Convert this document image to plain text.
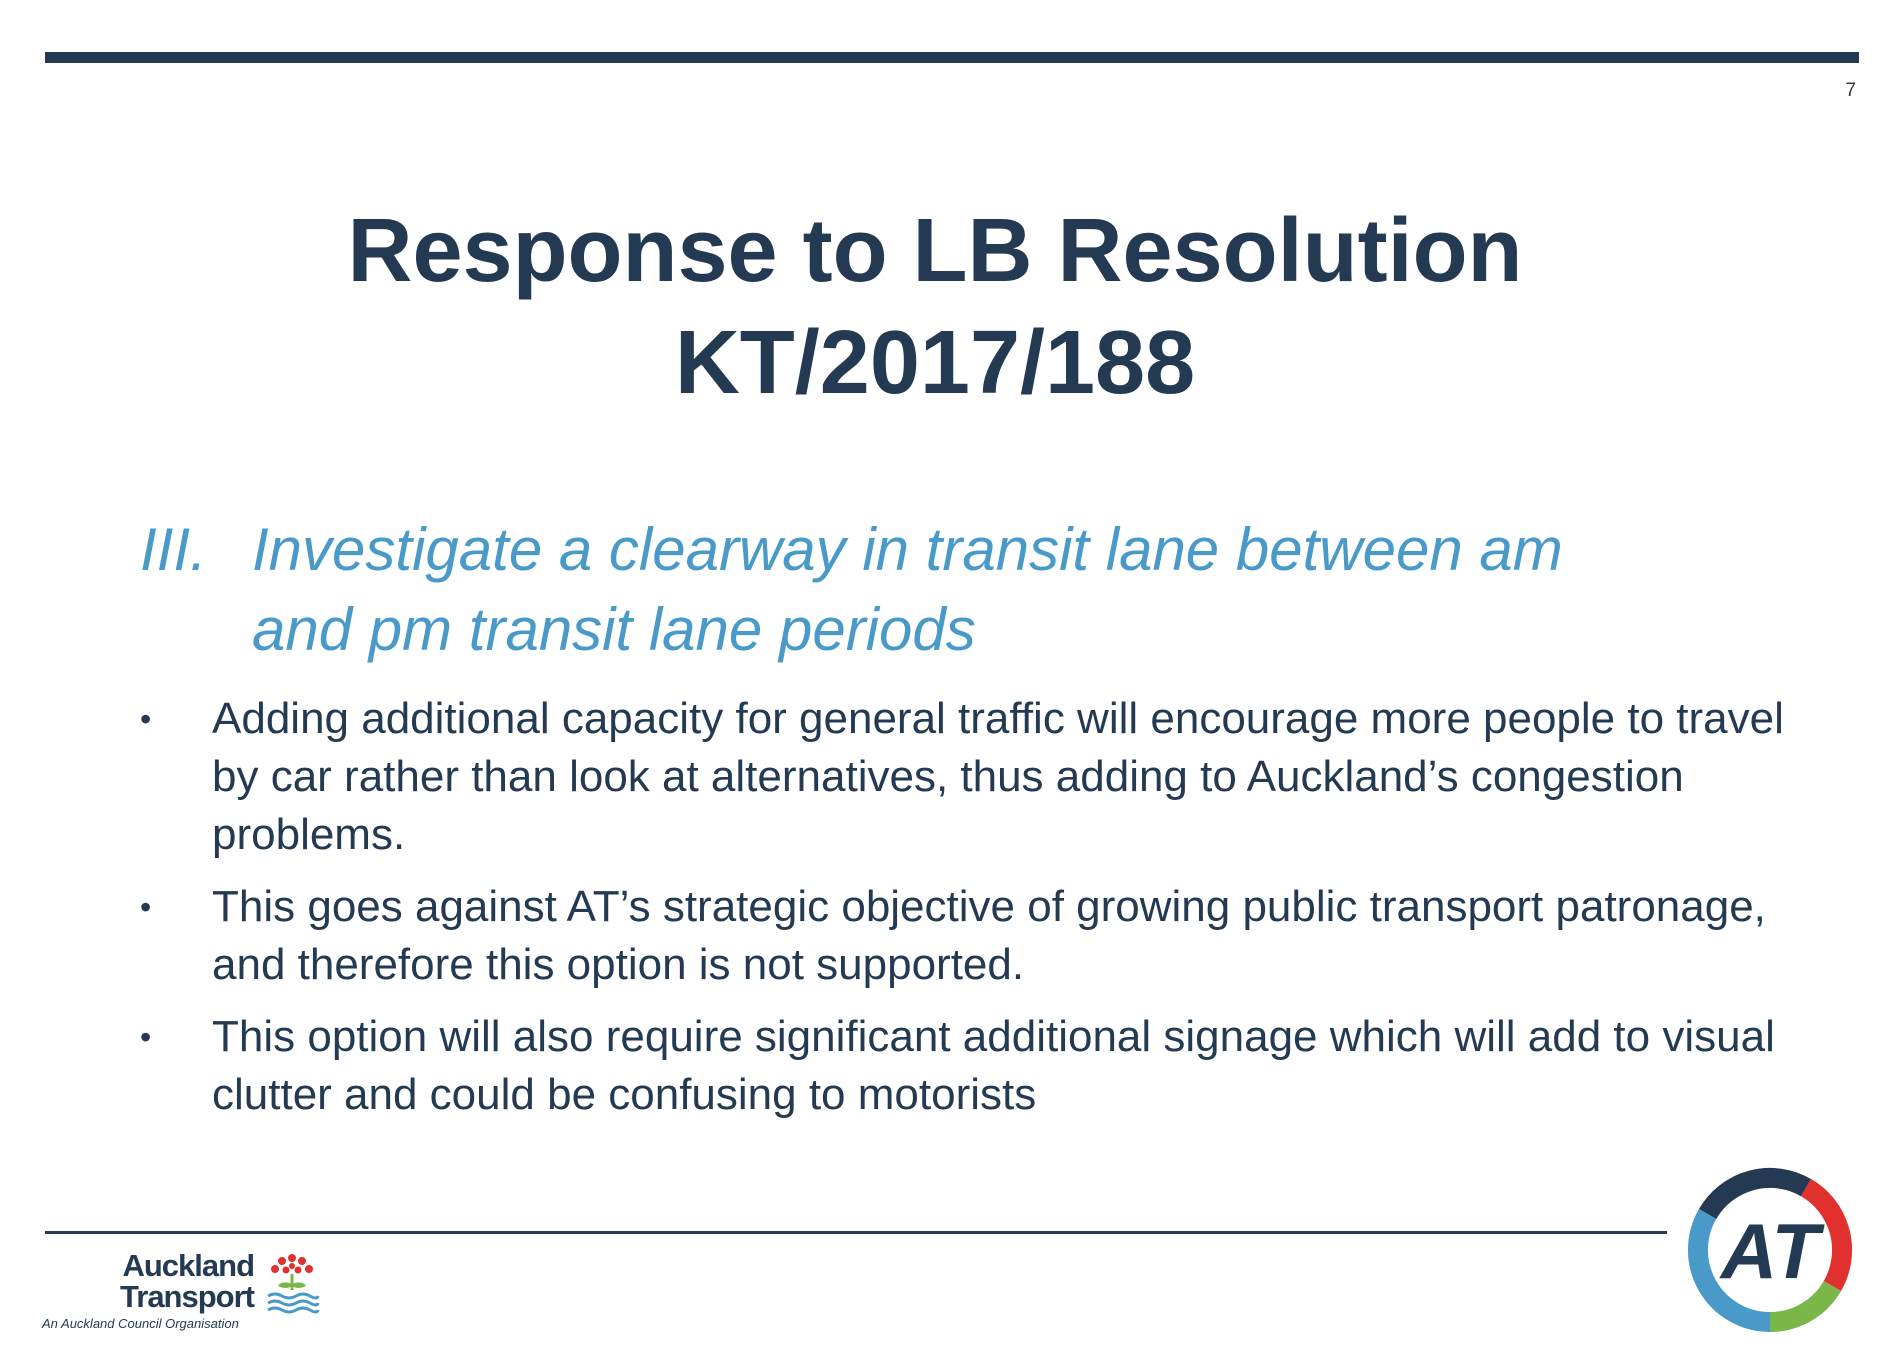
7
Response to LB Resolution
KT/2017/188
III. Investigate a clearway in transit lane between am
and pm transit lane periods
•	Adding additional capacity for general traffic will encourage more people to travel by car rather than look at alternatives, thus adding to Auckland’s congestion problems.
•	This goes against AT’s strategic objective of growing public transport patronage, and therefore this option is not supported.
•	This option will also require significant additional signage which will add to visual clutter and could be confusing to motorists
Auckland
Transport
An Auckland Council Organisation
AT
